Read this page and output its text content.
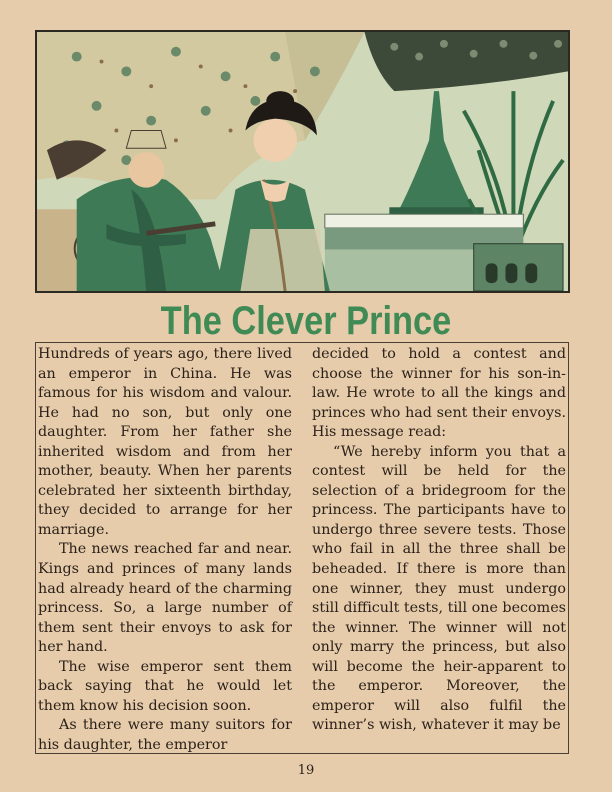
The Clever Prince

Hundreds of years ago, there lived an emperor in China. He was famous for his wisdom and valour. He had no son, but only one daughter. From her father she inherited wisdom and from her mother, beauty. When her parents celebrated her sixteenth birthday, they decided to arrange for her marriage.

The news reached far and near. Kings and princes of many lands had already heard of the charming princess. So, a large number of them sent their envoys to ask for her hand.

The wise emperor sent them back saying that he would let them know his decision soon.

As there were many suitors for his daughter, the emperor

decided to hold a contest and choose the winner for his son-in-law. He wrote to all the kings and princes who had sent their envoys. His message read:

“We hereby inform you that a contest will be held for the selection of a bridegroom for the princess. The participants have to undergo three severe tests. Those who fail in all the three shall be beheaded. If there is more than one winner, they must undergo still difficult tests, till one becomes the winner. The winner will not only marry the princess, but also will become the heir-apparent to the emperor. Moreover, the emperor will also fulfil the winner’s wish, whatever it may be

19
